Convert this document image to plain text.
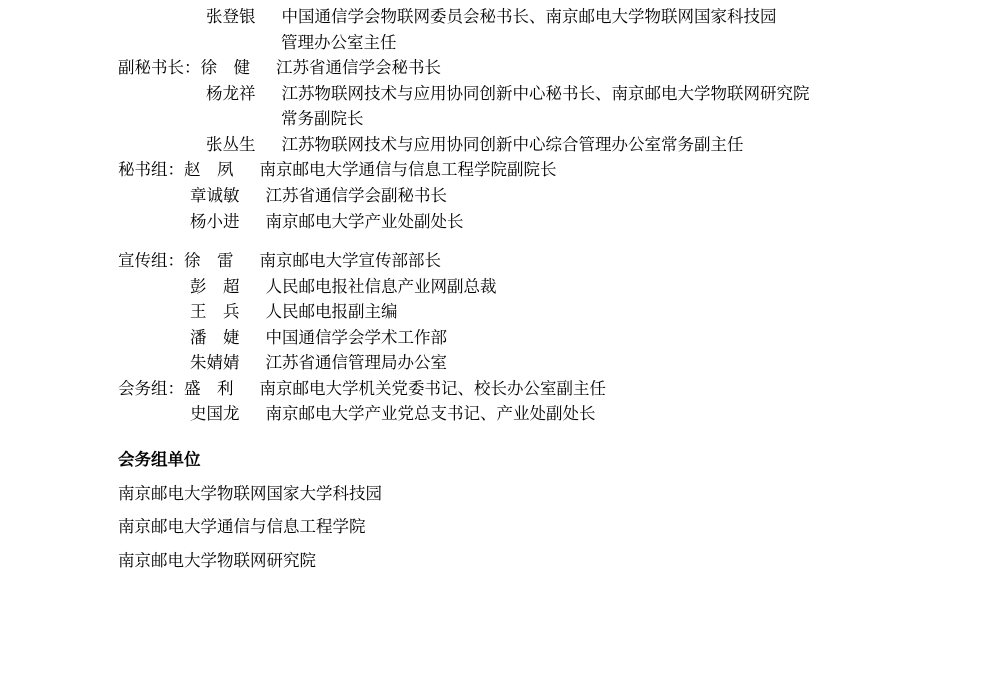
张登银 中国通信学会物联网委员会秘书长、南京邮电大学物联网国家科技园
管理办公室主任
副秘书长： 徐　健 江苏省通信学会秘书长
杨龙祥 江苏物联网技术与应用协同创新中心秘书长、南京邮电大学物联网研究院
常务副院长
张丛生 江苏物联网技术与应用协同创新中心综合管理办公室常务副主任
秘书组： 赵　夙 南京邮电大学通信与信息工程学院副院长
章诚敏 江苏省通信学会副秘书长
杨小进 南京邮电大学产业处副处长
宣传组： 徐　雷 南京邮电大学宣传部部长
彭　超 人民邮电报社信息产业网副总裁
王　兵 人民邮电报副主编
潘　婕 中国通信学会学术工作部
朱婧婧 江苏省通信管理局办公室
会务组： 盛　利 南京邮电大学机关党委书记、校长办公室副主任
史国龙 南京邮电大学产业党总支书记、产业处副处长
会务组单位
南京邮电大学物联网国家大学科技园
南京邮电大学通信与信息工程学院
南京邮电大学物联网研究院
